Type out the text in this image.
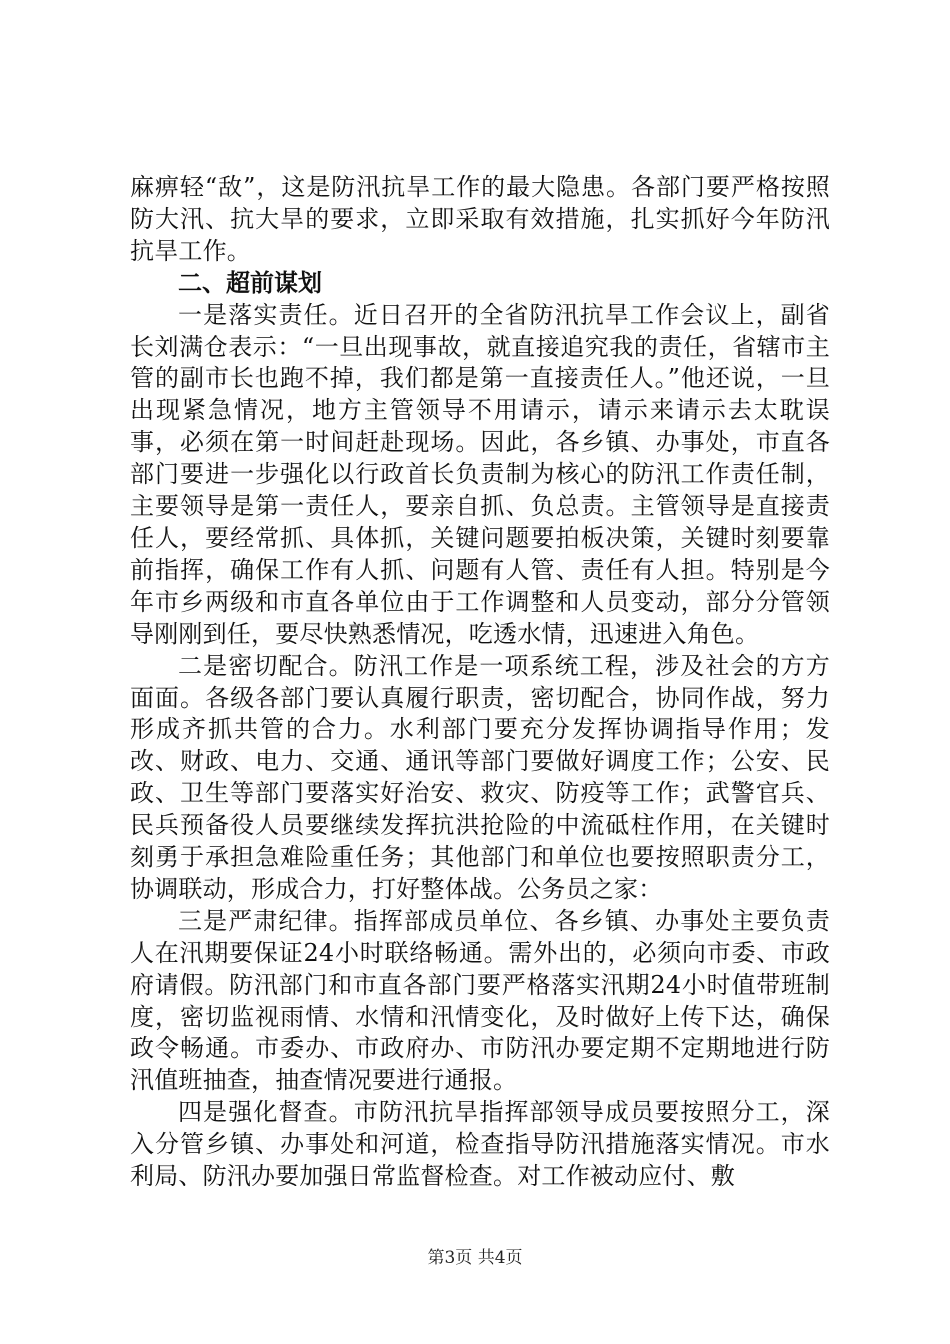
麻痹轻“敌”，这是防汛抗旱工作的最大隐患。各部门要严格按照防大汛、抗大旱的要求，立即采取有效措施，扎实抓好今年防汛抗旱工作。

二、超前谋划

一是落实责任。近日召开的全省防汛抗旱工作会议上，副省长刘满仓表示：“一旦出现事故，就直接追究我的责任，省辖市主管的副市长也跑不掉，我们都是第一直接责任人。”他还说，一旦出现紧急情况，地方主管领导不用请示，请示来请示去太耽误事，必须在第一时间赶赴现场。因此，各乡镇、办事处，市直各部门要进一步强化以行政首长负责制为核心的防汛工作责任制，主要领导是第一责任人，要亲自抓、负总责。主管领导是直接责任人，要经常抓、具体抓，关键问题要拍板决策，关键时刻要靠前指挥，确保工作有人抓、问题有人管、责任有人担。特别是今年市乡两级和市直各单位由于工作调整和人员变动，部分分管领导刚刚到任，要尽快熟悉情况，吃透水情，迅速进入角色。

二是密切配合。防汛工作是一项系统工程，涉及社会的方方面面。各级各部门要认真履行职责，密切配合，协同作战，努力形成齐抓共管的合力。水利部门要充分发挥协调指导作用；发改、财政、电力、交通、通讯等部门要做好调度工作；公安、民政、卫生等部门要落实好治安、救灾、防疫等工作；武警官兵、民兵预备役人员要继续发挥抗洪抢险的中流砥柱作用，在关键时刻勇于承担急难险重任务；其他部门和单位也要按照职责分工，协调联动，形成合力，打好整体战。公务员之家：

三是严肃纪律。指挥部成员单位、各乡镇、办事处主要负责人在汛期要保证24小时联络畅通。需外出的，必须向市委、市政府请假。防汛部门和市直各部门要严格落实汛期24小时值带班制度，密切监视雨情、水情和汛情变化，及时做好上传下达，确保政令畅通。市委办、市政府办、市防汛办要定期不定期地进行防汛值班抽查，抽查情况要进行通报。

四是强化督查。市防汛抗旱指挥部领导成员要按照分工，深入分管乡镇、办事处和河道，检查指导防汛措施落实情况。市水利局、防汛办要加强日常监督检查。对工作被动应付、敷

第3页 共4页
